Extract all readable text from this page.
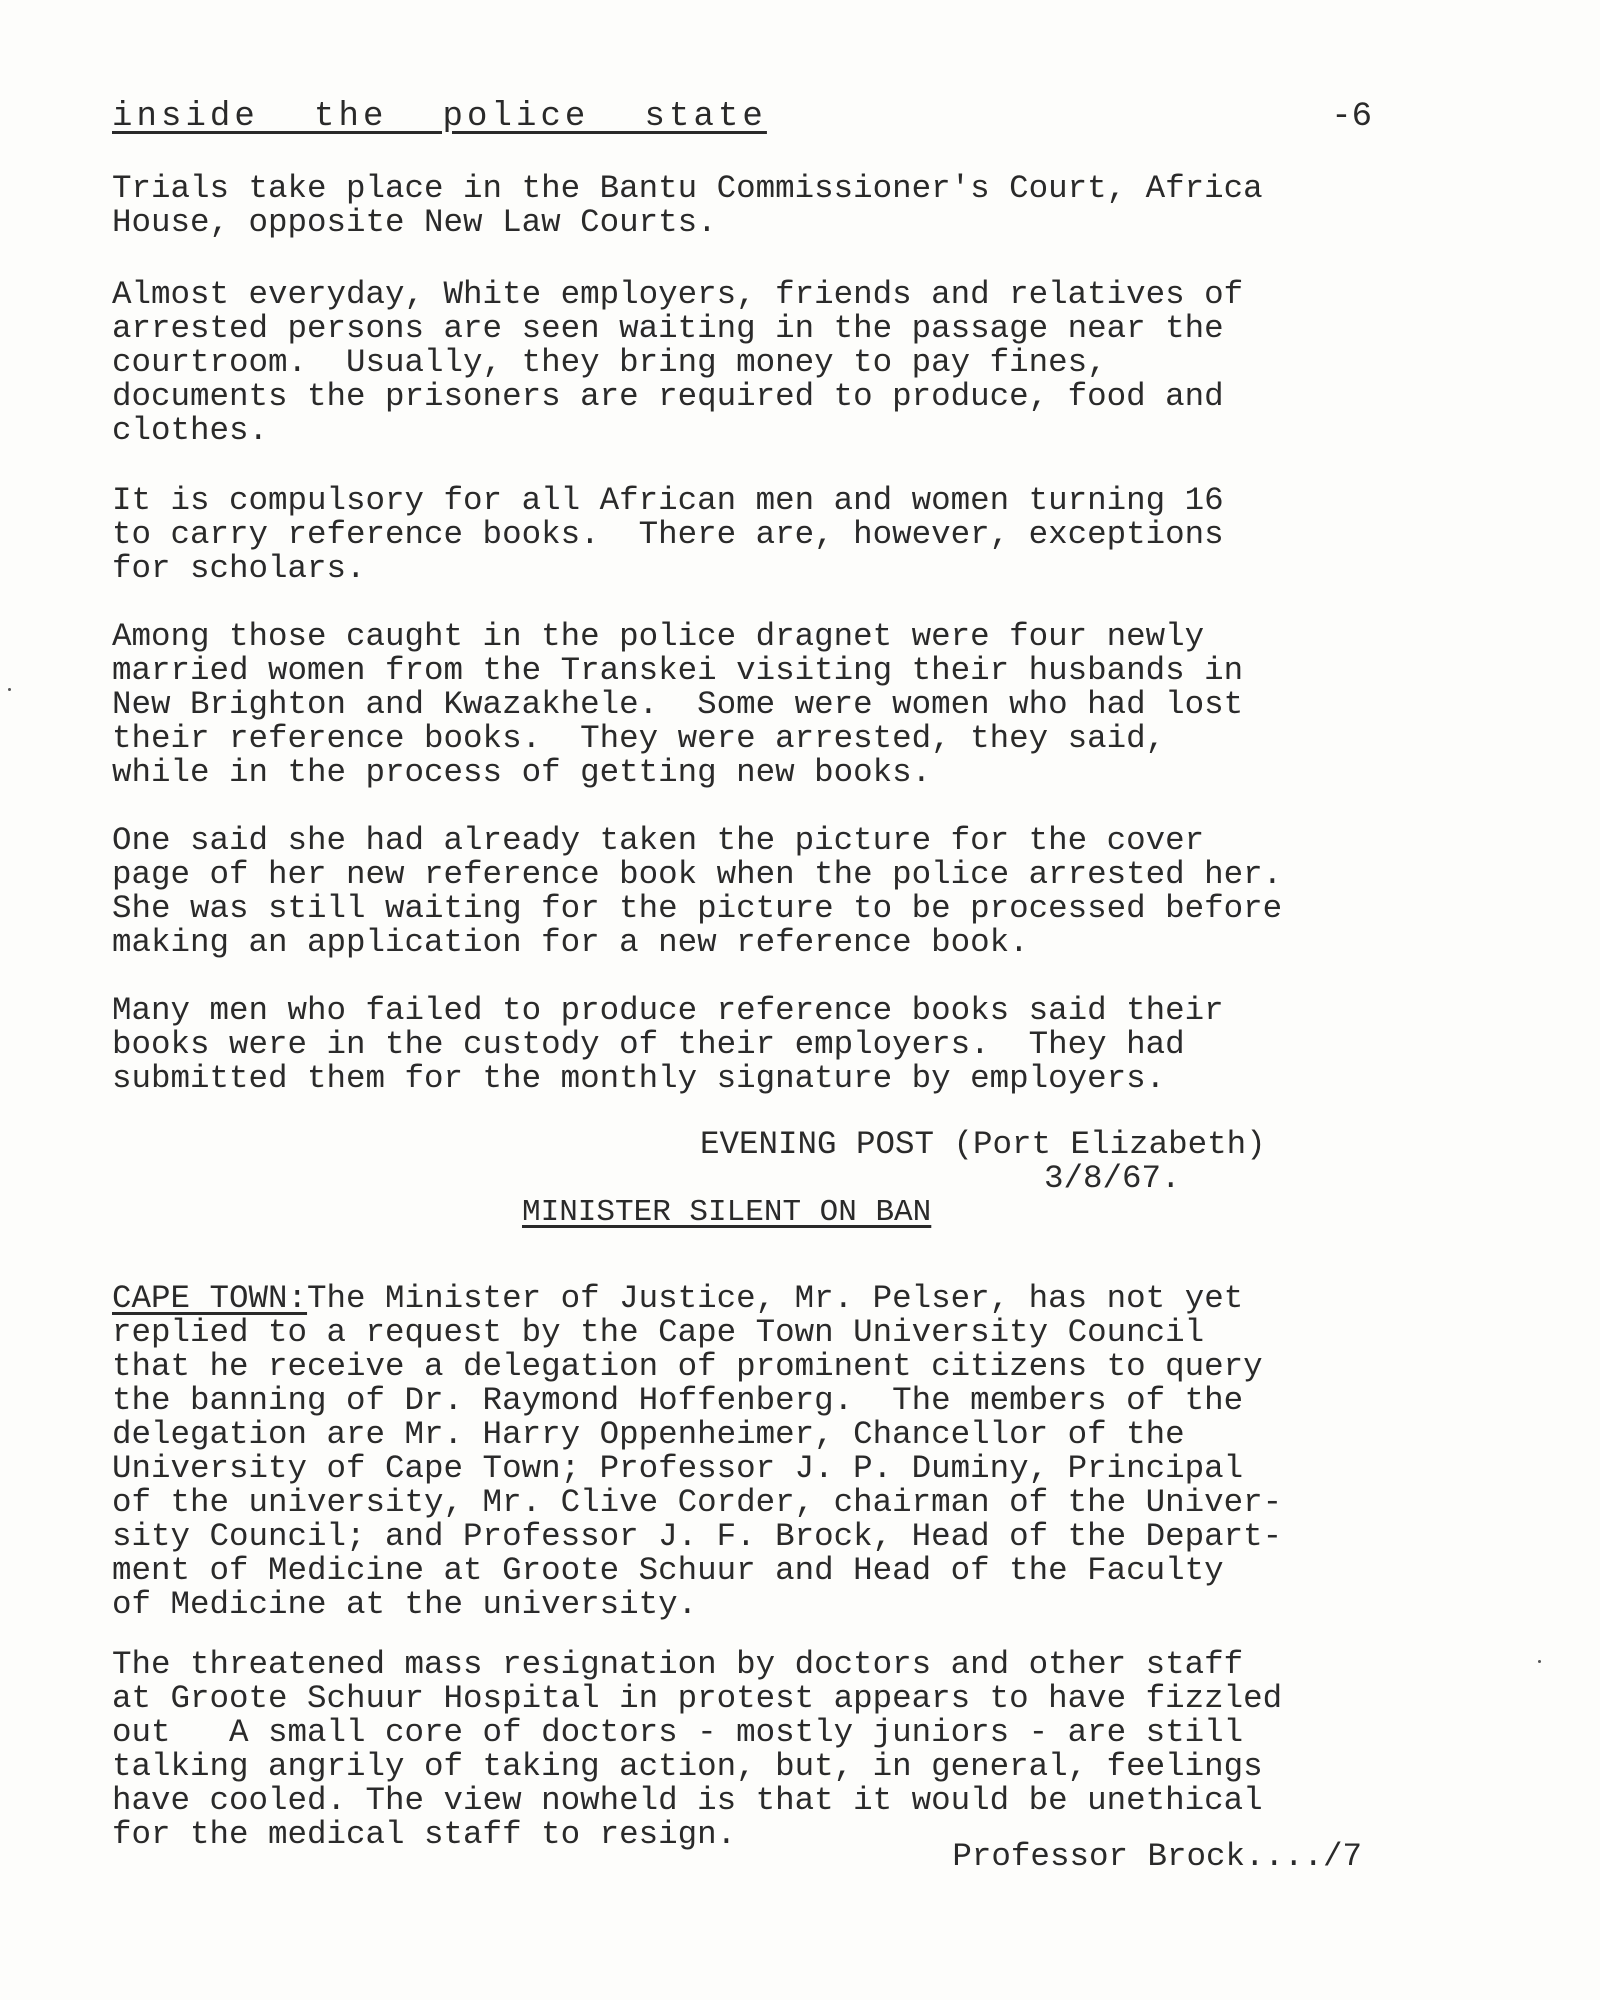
inside the police state	-6

Trials take place in the Bantu Commissioner's Court, Africa
House, opposite New Law Courts.

Almost everyday, White employers, friends and relatives of
arrested persons are seen waiting in the passage near the
courtroom.  Usually, they bring money to pay fines,
documents the prisoners are required to produce, food and
clothes.

It is compulsory for all African men and women turning 16
to carry reference books.  There are, however, exceptions
for scholars.

Among those caught in the police dragnet were four newly
married women from the Transkei visiting their husbands in
New Brighton and Kwazakhele.  Some were women who had lost
their reference books.  They were arrested, they said,
while in the process of getting new books.

One said she had already taken the picture for the cover
page of her new reference book when the police arrested her.
She was still waiting for the picture to be processed before
making an application for a new reference book.

Many men who failed to produce reference books said their
books were in the custody of their employers.  They had
submitted them for the monthly signature by employers.

EVENING POST (Port Elizabeth)
3/8/67.
MINISTER SILENT ON BAN

CAPE TOWN:The Minister of Justice, Mr. Pelser, has not yet
replied to a request by the Cape Town University Council
that he receive a delegation of prominent citizens to query
the banning of Dr. Raymond Hoffenberg.  The members of the
delegation are Mr. Harry Oppenheimer, Chancellor of the
University of Cape Town; Professor J. P. Duminy, Principal
of the university, Mr. Clive Corder, chairman of the Univer-
sity Council; and Professor J. F. Brock, Head of the Depart-
ment of Medicine at Groote Schuur and Head of the Faculty
of Medicine at the university.

The threatened mass resignation by doctors and other staff
at Groote Schuur Hospital in protest appears to have fizzled
out   A small core of doctors - mostly juniors - are still
talking angrily of taking action, but, in general, feelings
have cooled. The view nowheld is that it would be unethical
for the medical staff to resign.

Professor Brock..../7
